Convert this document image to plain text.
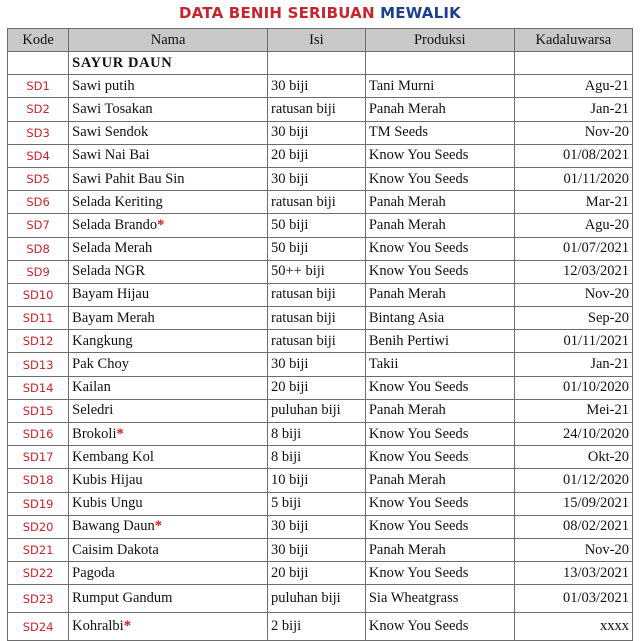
DATA BENIH SERIBUAN MEWALIK
Kode	Nama	Isi	Produksi	Kadaluwarsa
	SAYUR DAUN			
SD1	Sawi putih	30 biji	Tani Murni	Agu-21
SD2	Sawi Tosakan	ratusan biji	Panah Merah	Jan-21
SD3	Sawi Sendok	30 biji	TM Seeds	Nov-20
SD4	Sawi Nai Bai	20 biji	Know You Seeds	01/08/2021
SD5	Sawi Pahit Bau Sin	30 biji	Know You Seeds	01/11/2020
SD6	Selada Keriting	ratusan biji	Panah Merah	Mar-21
SD7	Selada Brando*	50 biji	Panah Merah	Agu-20
SD8	Selada Merah	50 biji	Know You Seeds	01/07/2021
SD9	Selada NGR	50++ biji	Know You Seeds	12/03/2021
SD10	Bayam Hijau	ratusan biji	Panah Merah	Nov-20
SD11	Bayam Merah	ratusan biji	Bintang Asia	Sep-20
SD12	Kangkung	ratusan biji	Benih Pertiwi	01/11/2021
SD13	Pak Choy	30 biji	Takii	Jan-21
SD14	Kailan	20 biji	Know You Seeds	01/10/2020
SD15	Seledri	puluhan biji	Panah Merah	Mei-21
SD16	Brokoli*	8 biji	Know You Seeds	24/10/2020
SD17	Kembang Kol	8 biji	Know You Seeds	Okt-20
SD18	Kubis Hijau	10 biji	Panah Merah	01/12/2020
SD19	Kubis Ungu	5 biji	Know You Seeds	15/09/2021
SD20	Bawang Daun*	30 biji	Know You Seeds	08/02/2021
SD21	Caisim Dakota	30 biji	Panah Merah	Nov-20
SD22	Pagoda	20 biji	Know You Seeds	13/03/2021
SD23	Rumput Gandum	puluhan biji	Sia Wheatgrass	01/03/2021
SD24	Kohralbi*	2 biji	Know You Seeds	xxxx
